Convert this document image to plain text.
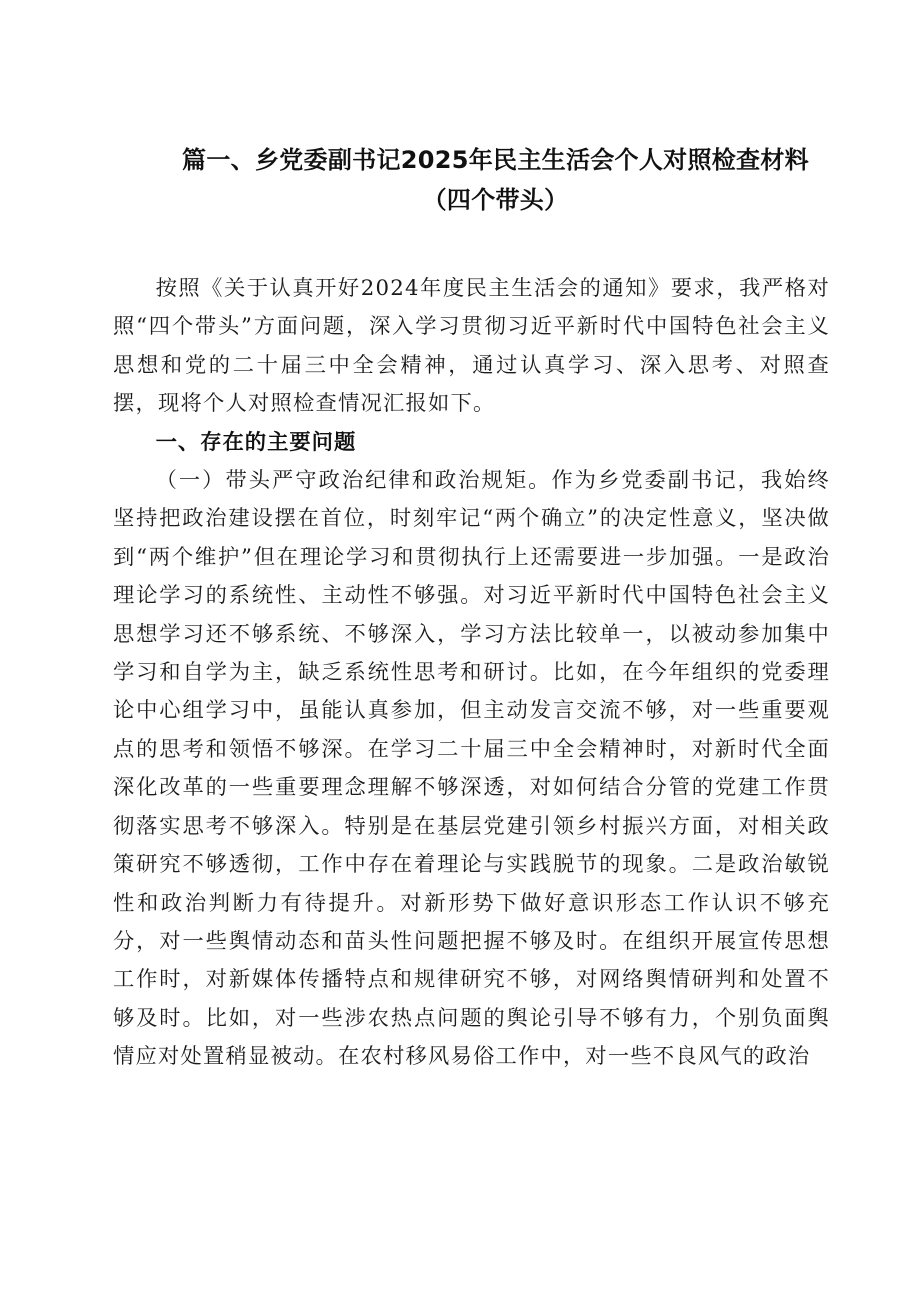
篇一、乡党委副书记2025年民主生活会个人对照检查材料（四个带头）

按照《关于认真开好2024年度民主生活会的通知》要求，我严格对照“四个带头”方面问题，深入学习贯彻习近平新时代中国特色社会主义思想和党的二十届三中全会精神，通过认真学习、深入思考、对照查摆，现将个人对照检查情况汇报如下。

一、存在的主要问题

（一）带头严守政治纪律和政治规矩。作为乡党委副书记，我始终坚持把政治建设摆在首位，时刻牢记“两个确立”的决定性意义，坚决做到“两个维护”但在理论学习和贯彻执行上还需要进一步加强。一是政治理论学习的系统性、主动性不够强。对习近平新时代中国特色社会主义思想学习还不够系统、不够深入，学习方法比较单一，以被动参加集中学习和自学为主，缺乏系统性思考和研讨。比如，在今年组织的党委理论中心组学习中，虽能认真参加，但主动发言交流不够，对一些重要观点的思考和领悟不够深。在学习二十届三中全会精神时，对新时代全面深化改革的一些重要理念理解不够深透，对如何结合分管的党建工作贯彻落实思考不够深入。特别是在基层党建引领乡村振兴方面，对相关政策研究不够透彻，工作中存在着理论与实践脱节的现象。二是政治敏锐性和政治判断力有待提升。对新形势下做好意识形态工作认识不够充分，对一些舆情动态和苗头性问题把握不够及时。在组织开展宣传思想工作时，对新媒体传播特点和规律研究不够，对网络舆情研判和处置不够及时。比如，对一些涉农热点问题的舆论引导不够有力，个别负面舆情应对处置稍显被动。在农村移风易俗工作中，对一些不良风气的政治
